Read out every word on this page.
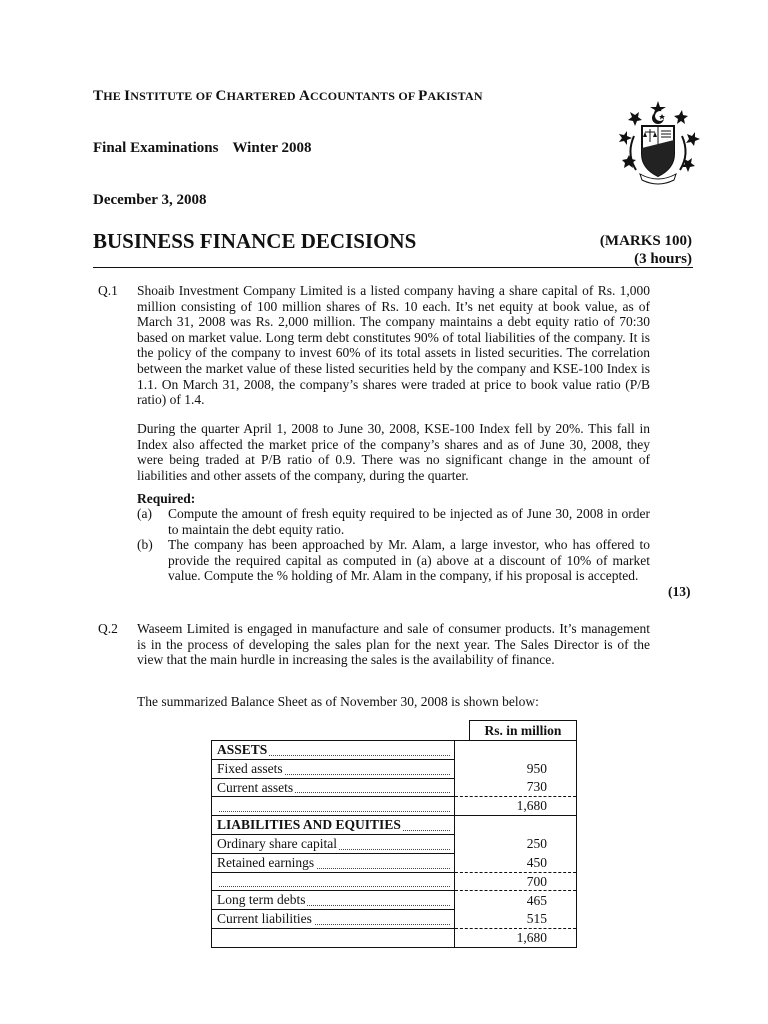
THE INSTITUTE OF CHARTERED ACCOUNTANTS OF PAKISTAN
Final Examinations Winter 2008
December 3, 2008
BUSINESS FINANCE DECISIONS	(MARKS 100)
(3 hours)
Q.1 Shoaib Investment Company Limited is a listed company having a share capital of Rs. 1,000 million consisting of 100 million shares of Rs. 10 each. It’s net equity at book value, as of March 31, 2008 was Rs. 2,000 million. The company maintains a debt equity ratio of 70:30 based on market value. Long term debt constitutes 90% of total liabilities of the company. It is the policy of the company to invest 60% of its total assets in listed securities. The correlation between the market value of these listed securities held by the company and KSE-100 Index is 1.1. On March 31, 2008, the company’s shares were traded at price to book value ratio (P/B ratio) of 1.4.
During the quarter April 1, 2008 to June 30, 2008, KSE-100 Index fell by 20%. This fall in Index also affected the market price of the company’s shares and as of June 30, 2008, they were being traded at P/B ratio of 0.9. There was no significant change in the amount of liabilities and other assets of the company, during the quarter.
Required:
(a) Compute the amount of fresh equity required to be injected as of June 30, 2008 in order to maintain the debt equity ratio.
(b) The company has been approached by Mr. Alam, a large investor, who has offered to provide the required capital as computed in (a) above at a discount of 10% of market value. Compute the % holding of Mr. Alam in the company, if his proposal is accepted.
(13)
Q.2 Waseem Limited is engaged in manufacture and sale of consumer products. It’s management is in the process of developing the sales plan for the next year. The Sales Director is of the view that the main hurdle in increasing the sales is the availability of finance.
The summarized Balance Sheet as of November 30, 2008 is shown below:
Rs. in million
ASSETS	

Fixed assets	950

Current assets	730

	1,680

LIABILITIES AND EQUITIES	

Ordinary share capital	250

Retained earnings	450

	700

Long term debts	465

Current liabilities	515
	1,680
